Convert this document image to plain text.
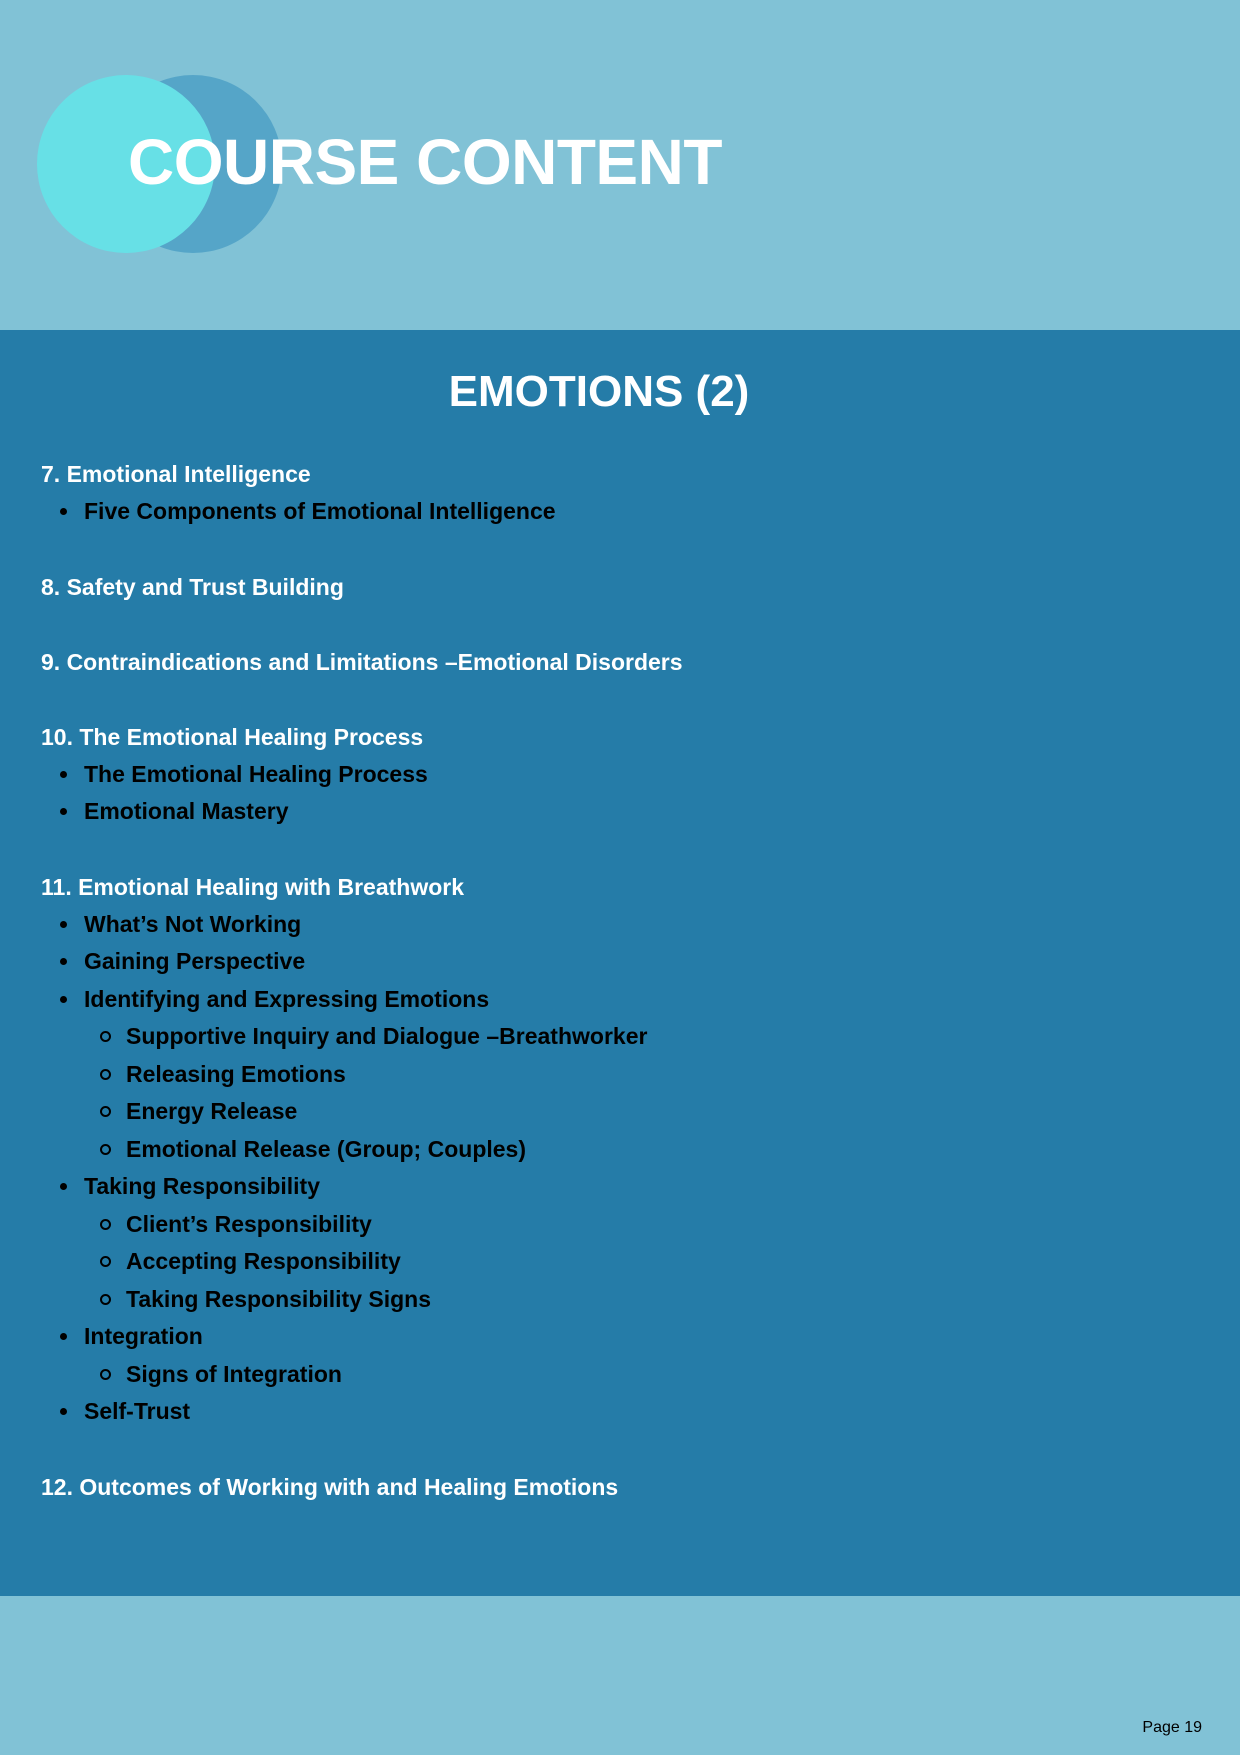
COURSE CONTENT
EMOTIONS (2)
7. Emotional Intelligence
Five Components of Emotional Intelligence
8. Safety and Trust Building
9. Contraindications and Limitations –Emotional Disorders
10. The Emotional Healing Process
The Emotional Healing Process
Emotional Mastery
11. Emotional Healing with Breathwork
What’s Not Working
Gaining Perspective
Identifying and Expressing Emotions
Supportive Inquiry and Dialogue –Breathworker
Releasing Emotions
Energy Release
Emotional Release (Group; Couples)
Taking Responsibility
Client’s Responsibility
Accepting Responsibility
Taking Responsibility Signs
Integration
Signs of Integration
Self-Trust
12. Outcomes of Working with and Healing Emotions
Page 19
